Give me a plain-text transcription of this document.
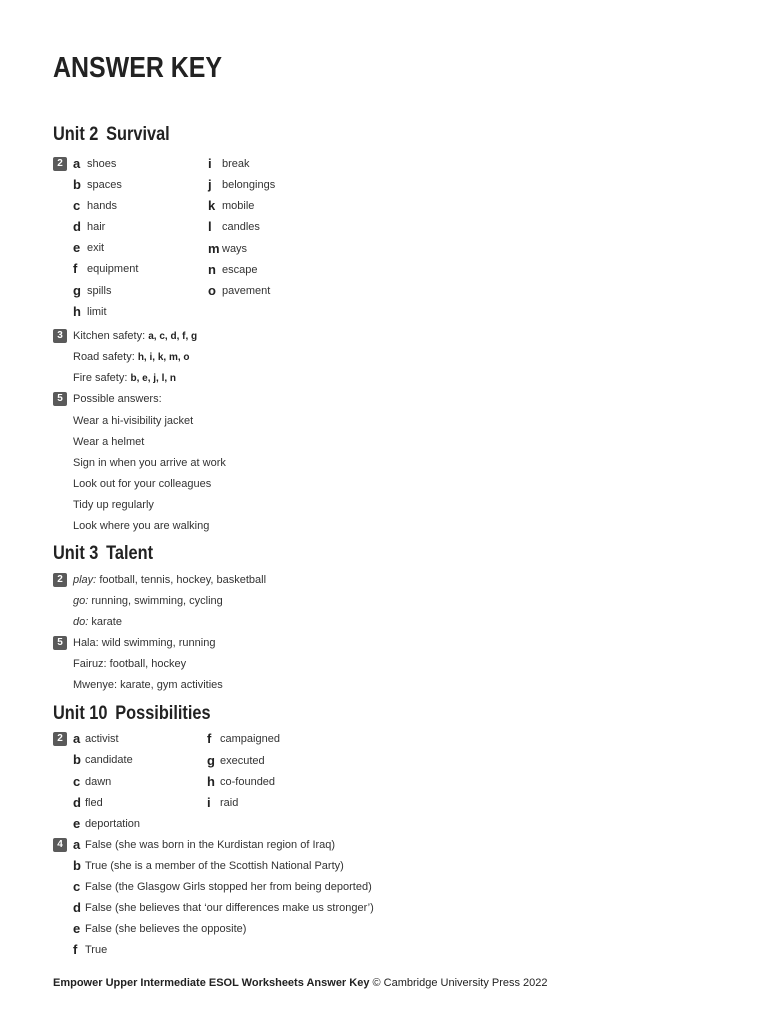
ANSWER KEY
Unit 2 Survival
2 a shoes
b spaces
c hands
d hair
e exit
f equipment
g spills
h limit
i break
j belongings
k mobile
l candles
m ways
n escape
o pavement
3 Kitchen safety: a, c, d, f, g
Road safety: h, i, k, m, o
Fire safety: b, e, j, l, n
5 Possible answers:
Wear a hi-visibility jacket
Wear a helmet
Sign in when you arrive at work
Look out for your colleagues
Tidy up regularly
Look where you are walking
Unit 3 Talent
2 play: football, tennis, hockey, basketball
go: running, swimming, cycling
do: karate
5 Hala: wild swimming, running
Fairuz: football, hockey
Mwenye: karate, gym activities
Unit 10 Possibilities
2 a activist
b candidate
c dawn
d fled
e deportation
f campaigned
g executed
h co-founded
i raid
4 a False (she was born in the Kurdistan region of Iraq)
b True (she is a member of the Scottish National Party)
c False (the Glasgow Girls stopped her from being deported)
d False (she believes that ‘our differences make us stronger’)
e False (she believes the opposite)
f True
Empower Upper Intermediate ESOL Worksheets Answer Key © Cambridge University Press 2022
